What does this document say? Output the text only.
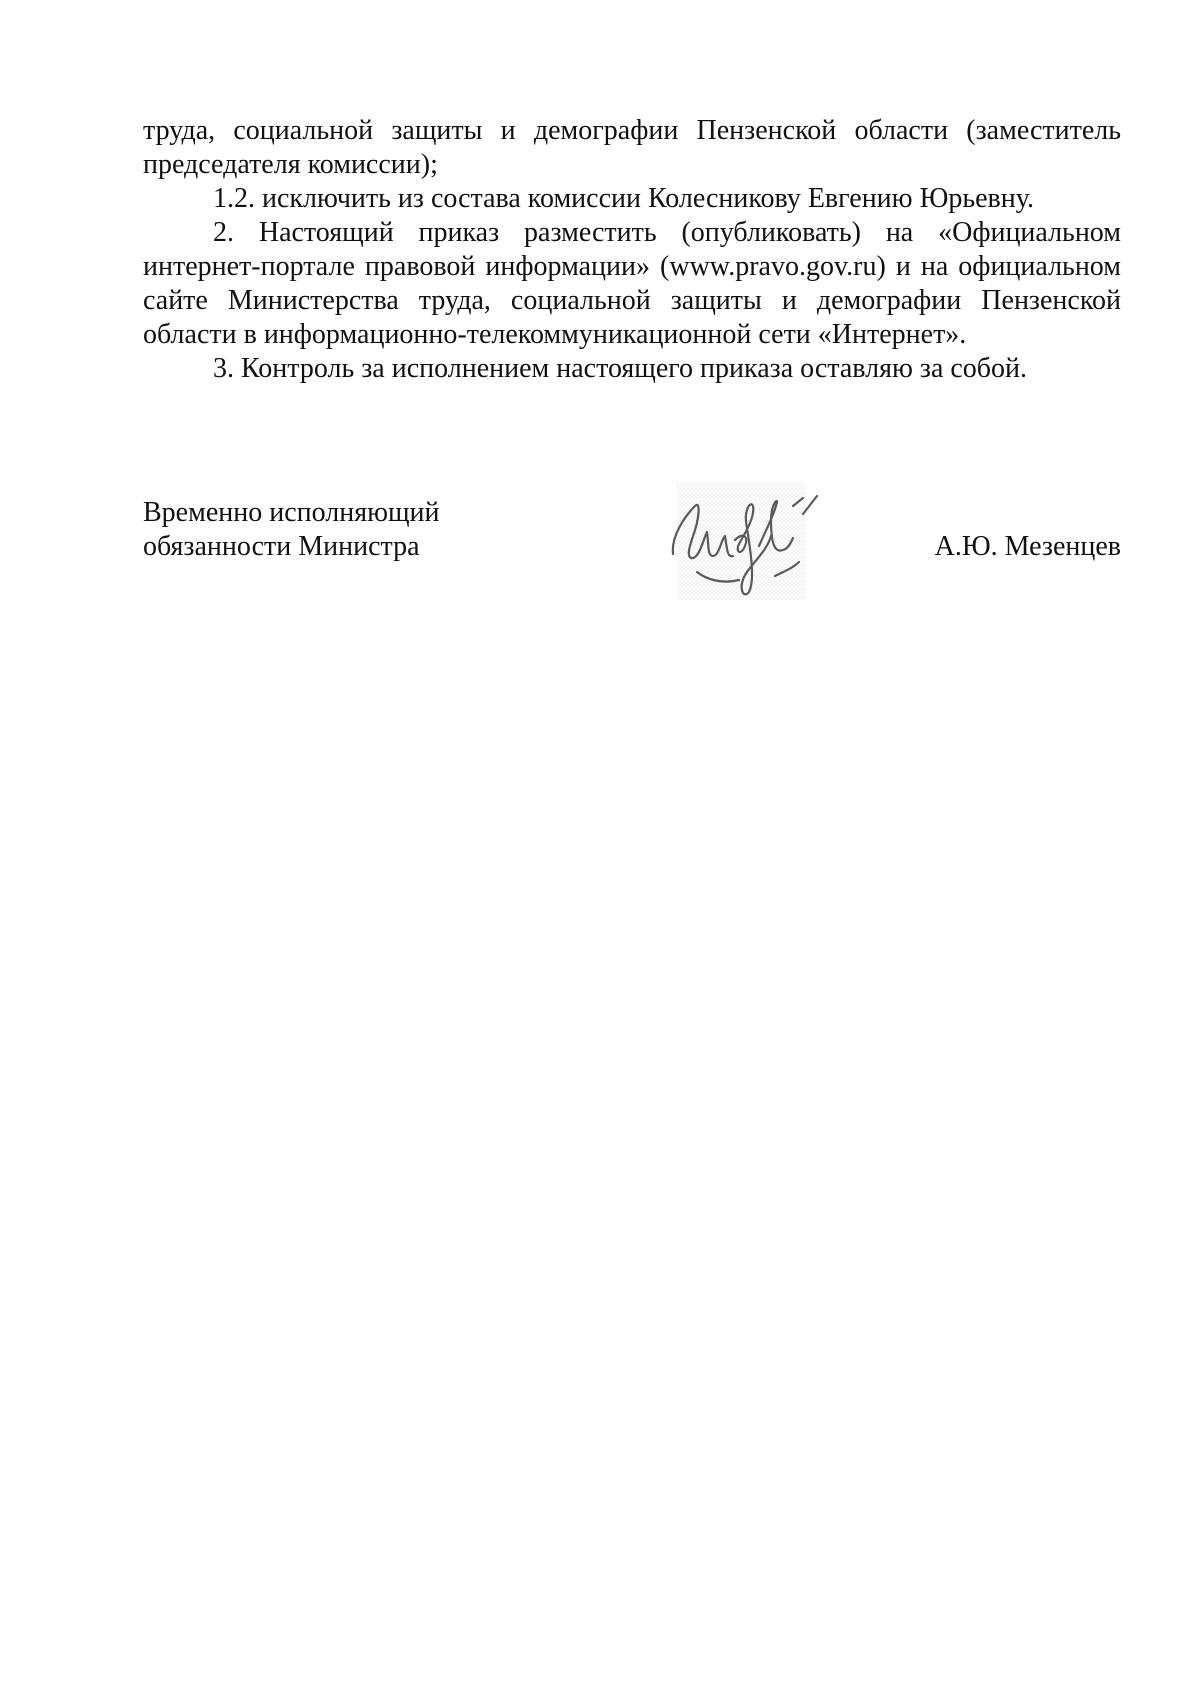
труда, социальной защиты и демографии Пензенской области (заместитель председателя комиссии);

1.2. исключить из состава комиссии Колесникову Евгению Юрьевну.

2. Настоящий приказ разместить (опубликовать) на «Официальном интернет-портале правовой информации» (www.pravo.gov.ru) и на официальном сайте Министерства труда, социальной защиты и демографии Пензенской области в информационно-телекоммуникационной сети «Интернет».

3. Контроль за исполнением настоящего приказа оставляю за собой.

Временно исполняющий
обязанности Министра	А.Ю. Мезенцев
